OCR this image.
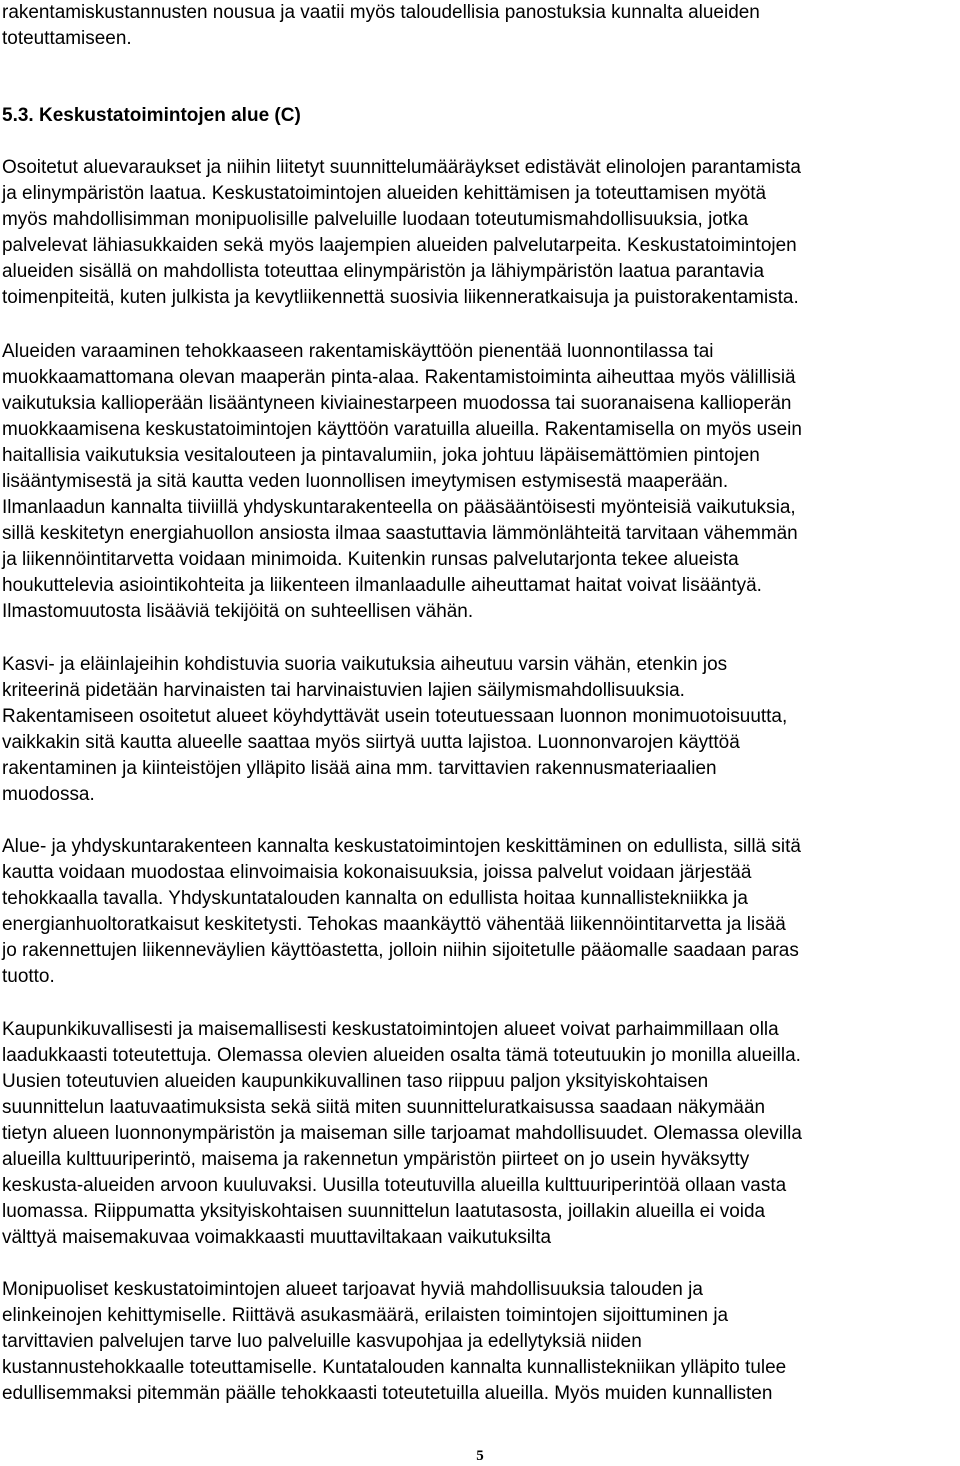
rakentamiskustannusten nousua ja vaatii myös taloudellisia panostuksia kunnalta alueiden
toteuttamiseen.
5.3. Keskustatoimintojen alue (C)
Osoitetut aluevaraukset ja niihin liitetyt suunnittelumääräykset edistävät elinolojen parantamista
ja elinympäristön laatua. Keskustatoimintojen alueiden kehittämisen ja toteuttamisen myötä
myös mahdollisimman monipuolisille palveluille luodaan toteutumismahdollisuuksia, jotka
palvelevat lähiasukkaiden sekä myös laajempien alueiden palvelutarpeita. Keskustatoimintojen
alueiden sisällä on mahdollista toteuttaa elinympäristön ja lähiympäristön laatua parantavia
toimenpiteitä, kuten julkista ja kevytliikennettä suosivia liikenneratkaisuja ja puistorakentamista.
Alueiden varaaminen tehokkaaseen rakentamiskäyttöön pienentää luonnontilassa tai
muokkaamattomana olevan maaperän pinta-alaa. Rakentamistoiminta aiheuttaa myös välillisiä
vaikutuksia kallioperään lisääntyneen kiviainestarpeen muodossa tai suoranaisena kallioperän
muokkaamisena keskustatoimintojen käyttöön varatuilla alueilla. Rakentamisella on myös usein
haitallisia vaikutuksia vesitalouteen ja pintavalumiin, joka johtuu läpäisemättömien pintojen
lisääntymisestä ja sitä kautta veden luonnollisen imeytymisen estymisestä maaperään.
Ilmanlaadun kannalta tiiviillä yhdyskuntarakenteella on pääsääntöisesti myönteisiä vaikutuksia,
sillä keskitetyn energiahuollon ansiosta ilmaa saastuttavia lämmönlähteitä tarvitaan vähemmän
ja liikennöintitarvetta voidaan minimoida. Kuitenkin runsas palvelutarjonta tekee alueista
houkuttelevia asiointikohteita ja liikenteen ilmanlaadulle aiheuttamat haitat voivat lisääntyä.
Ilmastomuutosta lisääviä tekijöitä on suhteellisen vähän.
Kasvi- ja eläinlajeihin kohdistuvia suoria vaikutuksia aiheutuu varsin vähän, etenkin jos
kriteerinä pidetään harvinaisten tai harvinaistuvien lajien säilymismahdollisuuksia.
Rakentamiseen osoitetut alueet köyhdyttävät usein toteutuessaan luonnon monimuotoisuutta,
vaikkakin sitä kautta alueelle saattaa myös siirtyä uutta lajistoa. Luonnonvarojen käyttöä
rakentaminen ja kiinteistöjen ylläpito lisää aina mm. tarvittavien rakennusmateriaalien
muodossa.
Alue- ja yhdyskuntarakenteen kannalta keskustatoimintojen keskittäminen on edullista, sillä sitä
kautta voidaan muodostaa elinvoimaisia kokonaisuuksia, joissa palvelut voidaan järjestää
tehokkaalla tavalla. Yhdyskuntatalouden kannalta on edullista hoitaa kunnallistekniikka ja
energianhuoltoratkaisut keskitetysti. Tehokas maankäyttö vähentää liikennöintitarvetta ja lisää
jo rakennettujen liikenneväylien käyttöastetta, jolloin niihin sijoitetulle pääomalle saadaan paras
tuotto.
Kaupunkikuvallisesti ja maisemallisesti keskustatoimintojen alueet voivat parhaimmillaan olla
laadukkaasti toteutettuja. Olemassa olevien alueiden osalta tämä toteutuukin jo monilla alueilla.
Uusien toteutuvien alueiden kaupunkikuvallinen taso riippuu paljon yksityiskohtaisen
suunnittelun laatuvaatimuksista sekä siitä miten suunnitteluratkaisussa saadaan näkymään
tietyn alueen luonnonympäristön ja maiseman sille tarjoamat mahdollisuudet. Olemassa olevilla
alueilla kulttuuriperintö, maisema ja rakennetun ympäristön piirteet on jo usein hyväksytty
keskusta-alueiden arvoon kuuluvaksi. Uusilla toteutuvilla alueilla kulttuuriperintöä ollaan vasta
luomassa. Riippumatta yksityiskohtaisen suunnittelun laatutasosta, joillakin alueilla ei voida
välttyä maisemakuvaa voimakkaasti muuttaviltakaan vaikutuksilta
Monipuoliset keskustatoimintojen alueet tarjoavat hyviä mahdollisuuksia talouden ja
elinkeinojen kehittymiselle. Riittävä asukasmäärä, erilaisten toimintojen sijoittuminen ja
tarvittavien palvelujen tarve luo palveluille kasvupohjaa ja edellytyksiä niiden
kustannustehokkaalle toteuttamiselle. Kuntatalouden kannalta kunnallistekniikan ylläpito tulee
edullisemmaksi pitemmän päälle tehokkaasti toteutetuilla alueilla. Myös muiden kunnallisten
5
